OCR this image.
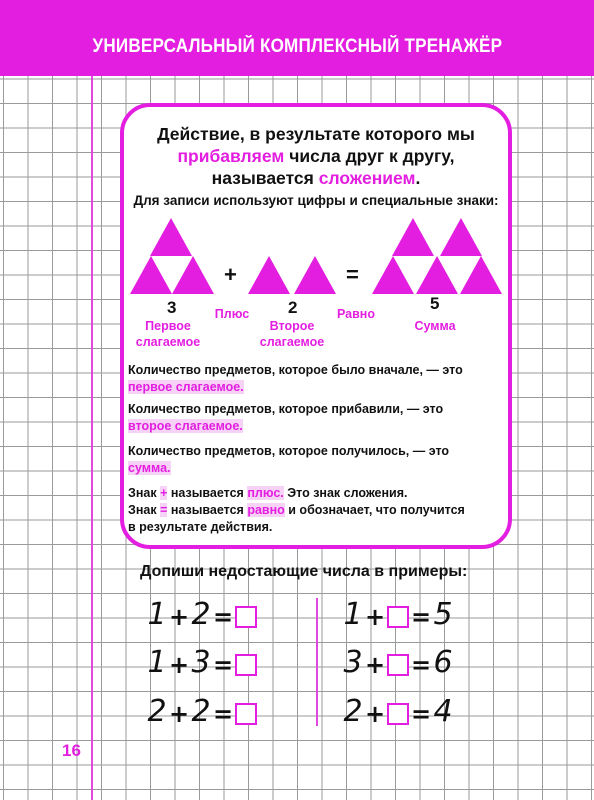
УНИВЕРСАЛЬНЫЙ КОМПЛЕКСНЫЙ ТРЕНАЖЁР
Действие, в результате которого мы
прибавляем числа друг к другу,
называется сложением.
Для записи используют цифры и специальные знаки:
+	=
3	2	5
Первое
слагаемое
Плюс
Второе
слагаемое
Равно
Сумма
Количество предметов, которое было вначале, — это
первое слагаемое.
Количество предметов, которое прибавили, — это
второе слагаемое.
Количество предметов, которое получилось, — это
сумма.
Знак + называется плюс. Это знак сложения.
Знак = называется равно и обозначает, что получится
в результате действия.
Допиши недостающие числа в примеры:
1 + 2 =
1 + 3 =
2 + 2 =
1 + = 5
3 + = 6
2 + = 4
16
